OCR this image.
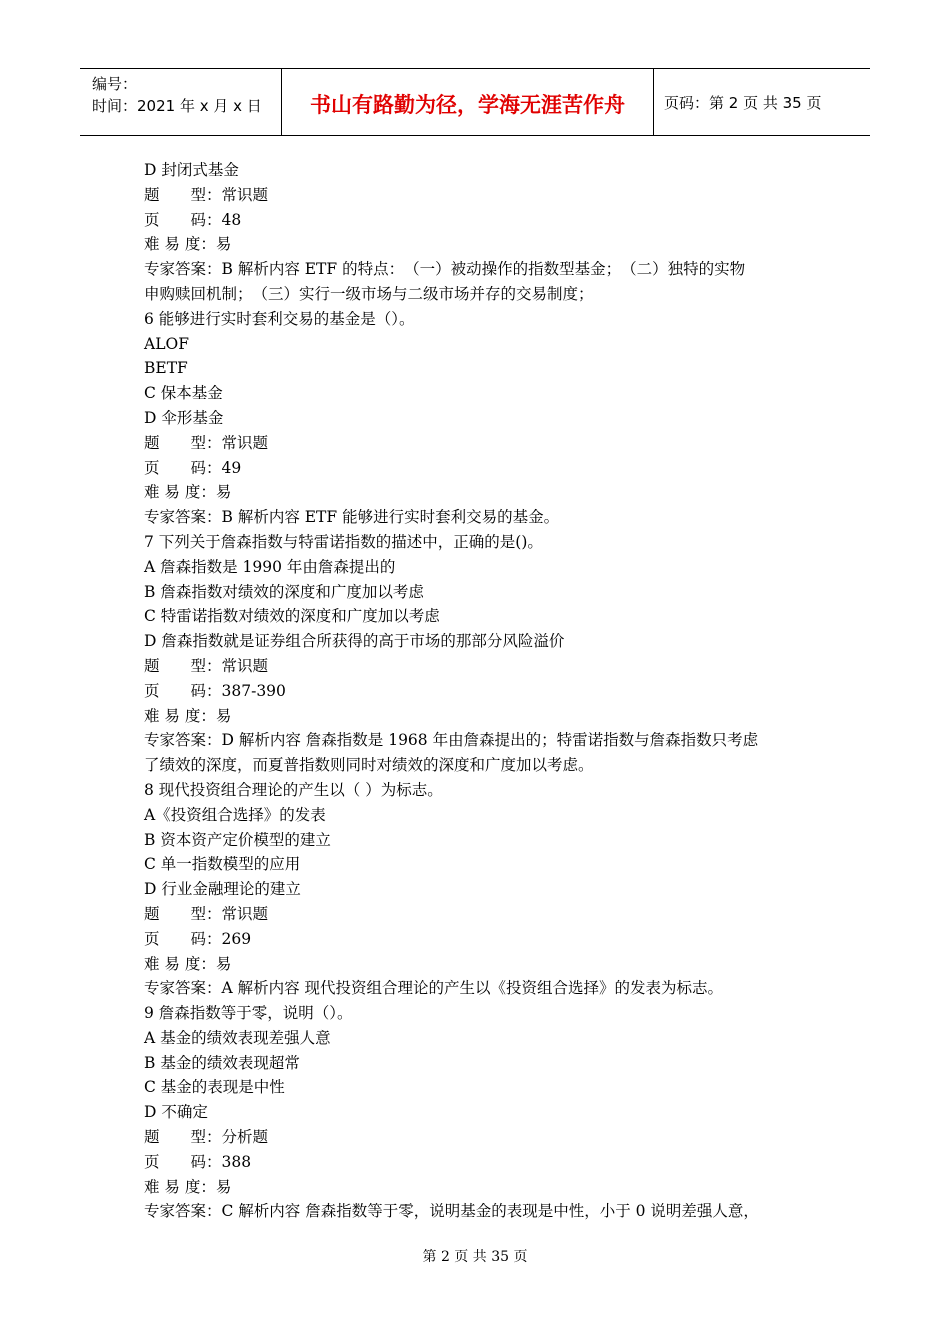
编号：
时间：2021 年 x 月 x 日	书山有路勤为径，学海无涯苦作舟	页码：第 2 页 共 35 页
D 封闭式基金
题　　型：常识题
页　　码：48
难 易 度：易
专家答案：B 解析内容 ETF 的特点：　（一）被动操作的指数型基金；　（二）独特的实物
申购赎回机制；　（三）实行一级市场与二级市场并存的交易制度；
6 能够进行实时套利交易的基金是（）。
ALOF
BETF
C 保本基金
D 伞形基金
题　　型：常识题
页　　码：49
难 易 度：易
专家答案：B 解析内容 ETF 能够进行实时套利交易的基金。
7 下列关于詹森指数与特雷诺指数的描述中，正确的是()。
A 詹森指数是 1990 年由詹森提出的
B 詹森指数对绩效的深度和广度加以考虑
C 特雷诺指数对绩效的深度和广度加以考虑
D 詹森指数就是证券组合所获得的高于市场的那部分风险溢价
题　　型：常识题
页　　码：387-390
难 易 度：易
专家答案：D 解析内容 詹森指数是 1968 年由詹森提出的；特雷诺指数与詹森指数只考虑
了绩效的深度，而夏普指数则同时对绩效的深度和广度加以考虑。
8 现代投资组合理论的产生以（ ）为标志。
A《投资组合选择》的发表
B 资本资产定价模型的建立
C 单一指数模型的应用
D 行业金融理论的建立
题　　型：常识题
页　　码：269
难 易 度：易
专家答案：A 解析内容 现代投资组合理论的产生以《投资组合选择》的发表为标志。
9 詹森指数等于零，说明（）。
A 基金的绩效表现差强人意
B 基金的绩效表现超常
C 基金的表现是中性
D 不确定
题　　型：分析题
页　　码：388
难 易 度：易
专家答案：C 解析内容 詹森指数等于零，说明基金的表现是中性，小于 0 说明差强人意，
第 2 页 共 35 页
